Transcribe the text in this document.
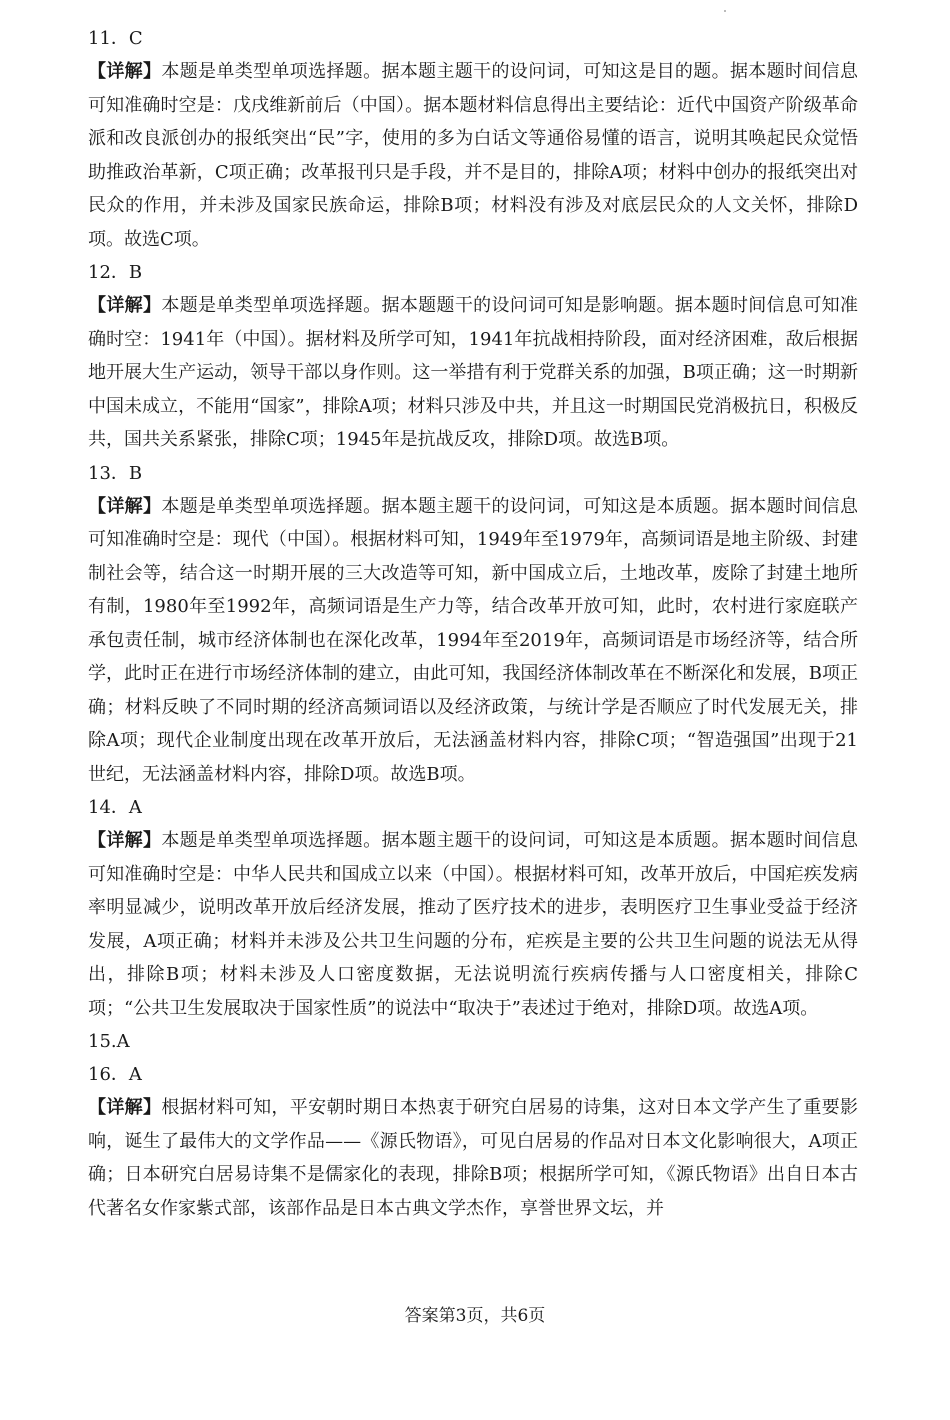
11．C

【详解】本题是单类型单项选择题。据本题主题干的设问词，可知这是目的题。据本题时间信息可知准确时空是：戊戌维新前后（中国）。据本题材料信息得出主要结论：近代中国资产阶级革命派和改良派创办的报纸突出“民”字，使用的多为白话文等通俗易懂的语言，说明其唤起民众觉悟助推政治革新，C项正确；改革报刊只是手段，并不是目的，排除A项；材料中创办的报纸突出对民众的作用，并未涉及国家民族命运，排除B项；材料没有涉及对底层民众的人文关怀，排除D项。故选C项。

12．B

【详解】本题是单类型单项选择题。据本题题干的设问词可知是影响题。据本题时间信息可知准确时空：1941年（中国）。据材料及所学可知，1941年抗战相持阶段，面对经济困难，敌后根据地开展大生产运动，领导干部以身作则。这一举措有利于党群关系的加强，B项正确；这一时期新中国未成立，不能用“国家”，排除A项；材料只涉及中共，并且这一时期国民党消极抗日，积极反共，国共关系紧张，排除C项；1945年是抗战反攻，排除D项。故选B项。

13．B

【详解】本题是单类型单项选择题。据本题主题干的设问词，可知这是本质题。据本题时间信息可知准确时空是：现代（中国）。根据材料可知，1949年至1979年，高频词语是地主阶级、封建制社会等，结合这一时期开展的三大改造等可知，新中国成立后，土地改革，废除了封建土地所有制，1980年至1992年，高频词语是生产力等，结合改革开放可知，此时，农村进行家庭联产承包责任制，城市经济体制也在深化改革，1994年至2019年，高频词语是市场经济等，结合所学，此时正在进行市场经济体制的建立，由此可知，我国经济体制改革在不断深化和发展，B项正确；材料反映了不同时期的经济高频词语以及经济政策，与统计学是否顺应了时代发展无关，排除A项；现代企业制度出现在改革开放后，无法涵盖材料内容，排除C项；“智造强国”出现于21世纪，无法涵盖材料内容，排除D项。故选B项。

14．A

【详解】本题是单类型单项选择题。据本题主题干的设问词，可知这是本质题。据本题时间信息可知准确时空是：中华人民共和国成立以来（中国）。根据材料可知，改革开放后，中国疟疾发病率明显减少，说明改革开放后经济发展，推动了医疗技术的进步，表明医疗卫生事业受益于经济发展，A项正确；材料并未涉及公共卫生问题的分布，疟疾是主要的公共卫生问题的说法无从得出，排除B项；材料未涉及人口密度数据，无法说明流行疾病传播与人口密度相关，排除C项；“公共卫生发展取决于国家性质”的说法中“取决于”表述过于绝对，排除D项。故选A项。

15.A
16．A

【详解】根据材料可知，平安朝时期日本热衷于研究白居易的诗集，这对日本文学产生了重要影响，诞生了最伟大的文学作品——《源氏物语》，可见白居易的作品对日本文化影响很大，A项正确；日本研究白居易诗集不是儒家化的表现，排除B项；根据所学可知，《源氏物语》出自日本古代著名女作家紫式部，该部作品是日本古典文学杰作，享誉世界文坛，并

答案第3页，共6页
